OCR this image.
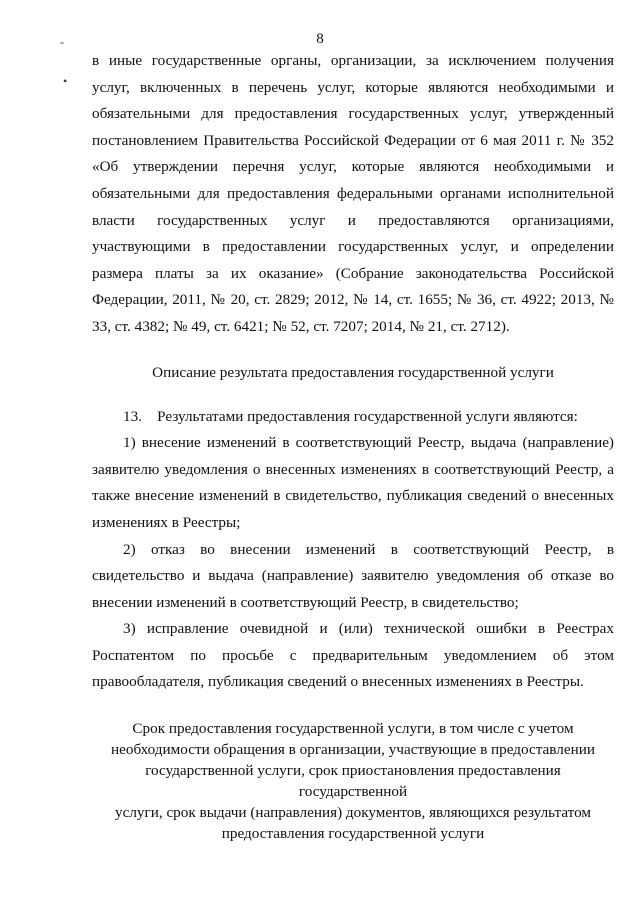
8
-
•

в иные государственные органы, организации, за исключением получения услуг, включенных в перечень услуг, которые являются необходимыми и обязательными для предоставления государственных услуг, утвержденный постановлением Правительства Российской Федерации от 6 мая 2011 г. № 352 «Об утверждении перечня услуг, которые являются необходимыми и обязательными для предоставления федеральными органами исполнительной власти государственных услуг и предоставляются организациями, участвующими в предоставлении государственных услуг, и определении размера платы за их оказание» (Собрание законодательства Российской Федерации, 2011, № 20, ст. 2829; 2012, № 14, ст. 1655; № 36, ст. 4922; 2013, № 33, ст. 4382; № 49, ст. 6421; № 52, ст. 7207; 2014, № 21, ст. 2712).

Описание результата предоставления государственной услуги

13.    Результатами предоставления государственной услуги являются:

1) внесение изменений в соответствующий Реестр, выдача (направление) заявителю уведомления о внесенных изменениях в соответствующий Реестр, а также внесение изменений в свидетельство, публикация сведений о внесенных изменениях в Реестры;

2) отказ во внесении изменений в соответствующий Реестр, в свидетельство и выдача (направление) заявителю уведомления об отказе во внесении изменений в соответствующий Реестр, в свидетельство;

3) исправление очевидной и (или) технической ошибки в Реестрах Роспатентом по просьбе с предварительным уведомлением об этом правообладателя, публикация сведений о внесенных изменениях в Реестры.

Срок предоставления государственной услуги, в том числе с учетом
необходимости обращения в организации, участвующие в предоставлении
государственной услуги, срок приостановления предоставления государственной
услуги, срок выдачи (направления) документов, являющихся результатом
предоставления государственной услуги
